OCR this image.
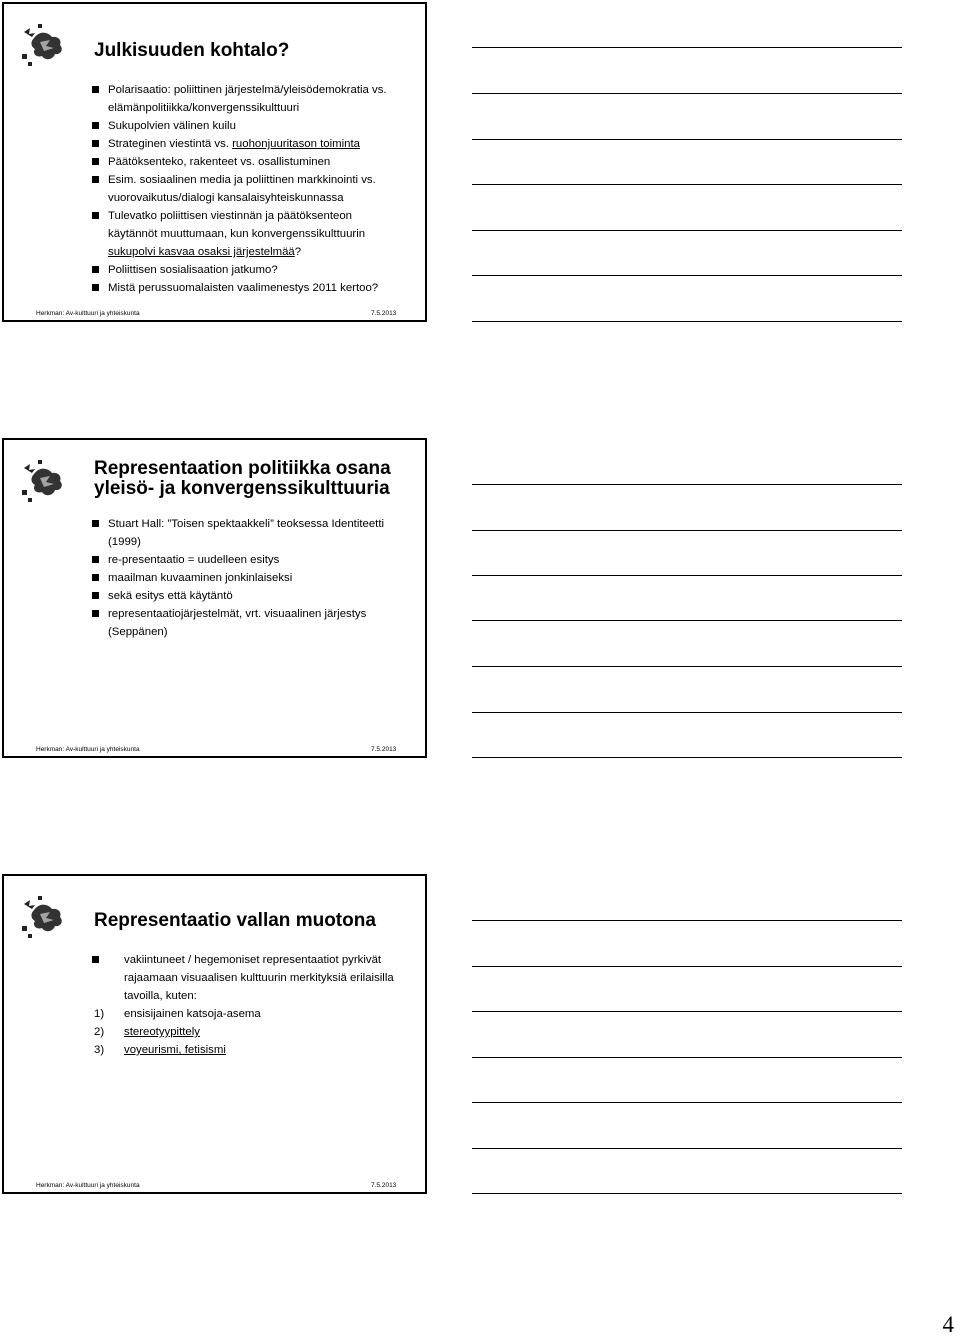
Julkisuuden kohtalo?
Polarisaatio: poliittinen järjestelmä/yleisödemokratia vs.
elämänpolitiikka/konvergenssikulttuuri
Sukupolvien välinen kuilu
Strateginen viestintä vs. ruohonjuuritason toiminta
Päätöksenteko, rakenteet vs. osallistuminen
Esim. sosiaalinen media ja poliittinen markkinointi vs.
vuorovaikutus/dialogi kansalaisyhteiskunnassa
Tulevatko poliittisen viestinnän ja päätöksenteon
käytännöt muuttumaan, kun konvergenssikulttuurin
sukupolvi kasvaa osaksi järjestelmää?
Poliittisen sosialisaation jatkumo?
Mistä perussuomalaisten vaalimenestys 2011 kertoo?
Herkman: Av-kulttuuri ja yhteiskunta	7.5.2013
Representaation politiikka osana
yleisö- ja konvergenssikulttuuria
Stuart Hall: ”Toisen spektaakkeli” teoksessa Identiteetti
(1999)
re-presentaatio = uudelleen esitys
maailman kuvaaminen jonkinlaiseksi
sekä esitys että käytäntö
representaatiojärjestelmät, vrt. visuaalinen järjestys
(Seppänen)
Herkman: Av-kulttuuri ja yhteiskunta	7.5.2013
Representaatio vallan muotona
vakiintuneet / hegemoniset representaatiot pyrkivät
rajaamaan visuaalisen kulttuurin merkityksiä erilaisilla
tavoilla, kuten:
1) ensisijainen katsoja-asema
2) stereotyypittely
3) voyeurismi, fetisismi
Herkman: Av-kulttuuri ja yhteiskunta	7.5.2013
4
